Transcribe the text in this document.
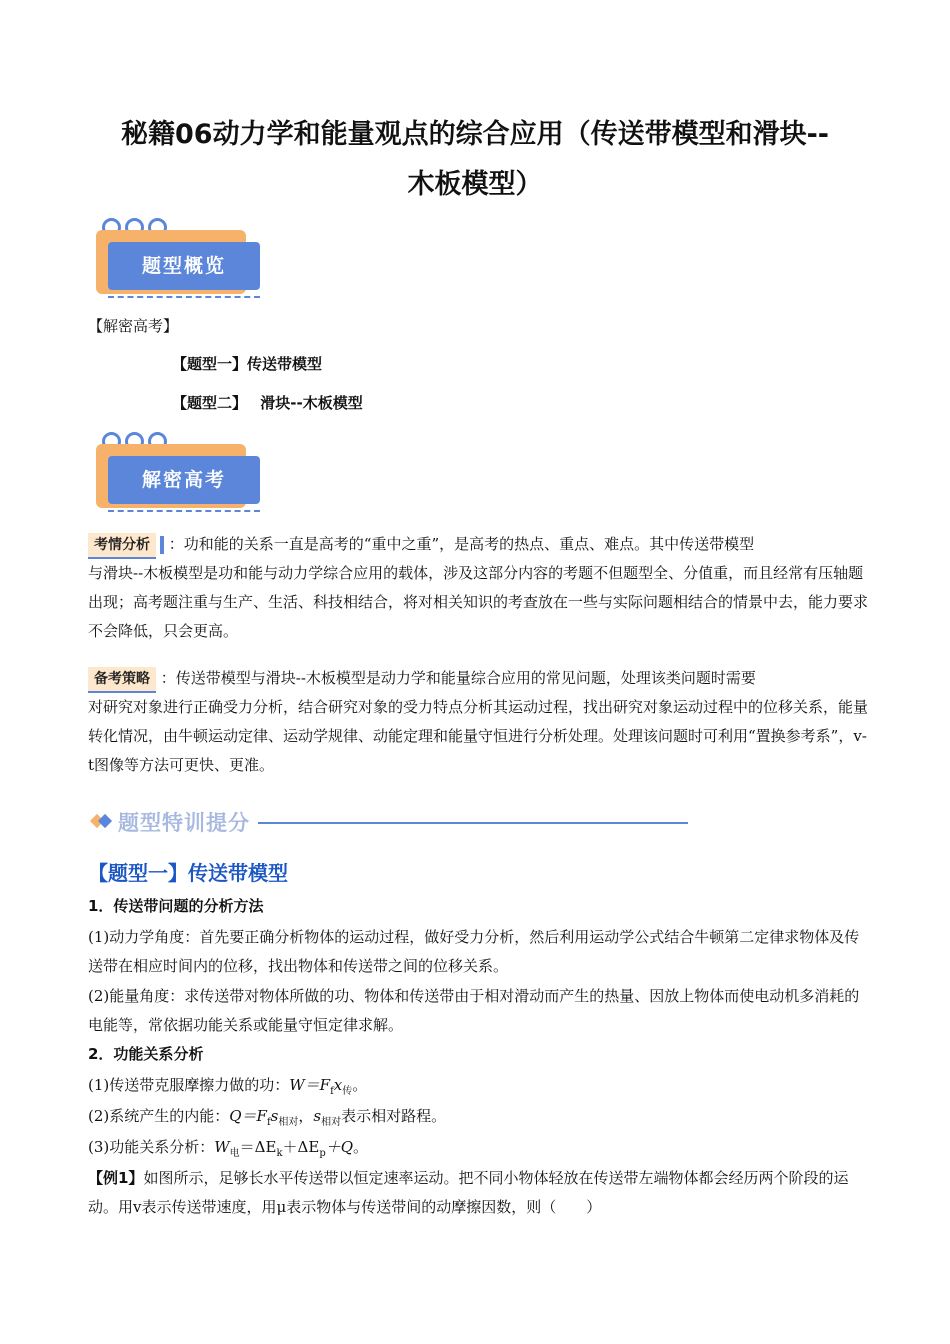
秘籍06动力学和能量观点的综合应用（传送带模型和滑块--
木板模型）
题型概览
【解密高考】
【题型一】传送带模型
【题型二】 滑块--木板模型
解密高考
考情分析 ：功和能的关系一直是高考的“重中之重”，是高考的热点、重点、难点。其中传送带模型
与滑块--木板模型是功和能与动力学综合应用的载体，涉及这部分内容的考题不但题型全、分值重，而且经常有压轴题出现；高考题注重与生产、生活、科技相结合，将对相关知识的考查放在一些与实际问题相结合的情景中去，能力要求不会降低，只会更高。
备考策略 ：传送带模型与滑块--木板模型是动力学和能量综合应用的常见问题，处理该类问题时需要
对研究对象进行正确受力分析，结合研究对象的受力特点分析其运动过程，找出研究对象运动过程中的位移关系，能量转化情况，由牛顿运动定律、运动学规律、动能定理和能量守恒进行分析处理。处理该问题时可利用“置换参考系”，v-t图像等方法可更快、更准。
题型特训提分
【题型一】传送带模型
1．传送带问题的分析方法
(1)动力学角度：首先要正确分析物体的运动过程，做好受力分析，然后利用运动学公式结合牛顿第二定律求物体及传送带在相应时间内的位移，找出物体和传送带之间的位移关系。
(2)能量角度：求传送带对物体所做的功、物体和传送带由于相对滑动而产生的热量、因放上物体而使电动机多消耗的电能等，常依据功能关系或能量守恒定律求解。
2．功能关系分析
(1)传送带克服摩擦力做的功：$W=F_fx_传$。
(2)系统产生的内能：$Q=F_fs_{相对}$，$s_{相对}$表示相对路程。
(3)功能关系分析：$W_电=\Delta E_k+\Delta E_p+Q$。
【例1】如图所示，足够长水平传送带以恒定速率运动。把不同小物体轻放在传送带左端物体都会经历两个阶段的运动。用v表示传送带速度，用μ表示物体与传送带间的动摩擦因数，则（　　）
